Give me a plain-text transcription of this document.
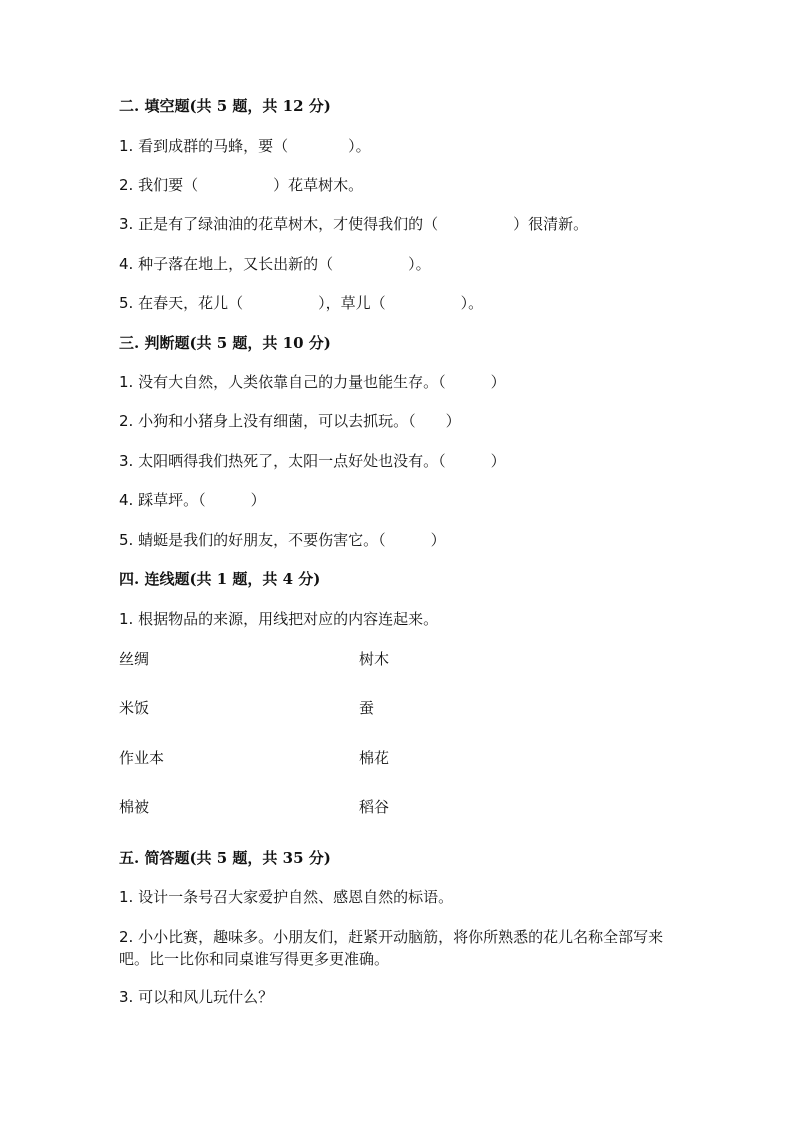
二. 填空题(共 5 题，共 12 分)

1. 看到成群的马蜂，要（　　　　）。

2. 我们要（　　　　　）花草树木。

3. 正是有了绿油油的花草树木，才使得我们的（　　　　　）很清新。

4. 种子落在地上，又长出新的（　　　　　）。

5. 在春天，花儿（　　　　　），草儿（　　　　　）。

三. 判断题(共 5 题，共 10 分)

1. 没有大自然，人类依靠自己的力量也能生存。（　　　）

2. 小狗和小猪身上没有细菌，可以去抓玩。（　　）

3. 太阳晒得我们热死了，太阳一点好处也没有。（　　　）

4. 踩草坪。（　　　）

5. 蜻蜓是我们的好朋友，不要伤害它。（　　　）

四. 连线题(共 1 题，共 4 分)

1. 根据物品的来源，用线把对应的内容连起来。

丝绸	树木

米饭	蚕

作业本	棉花

棉被	稻谷

五. 简答题(共 5 题，共 35 分)

1. 设计一条号召大家爱护自然、感恩自然的标语。

2. 小小比赛，趣味多。小朋友们，赶紧开动脑筋，将你所熟悉的花儿名称全部写来吧。比一比你和同桌谁写得更多更准确。

3. 可以和风儿玩什么？
